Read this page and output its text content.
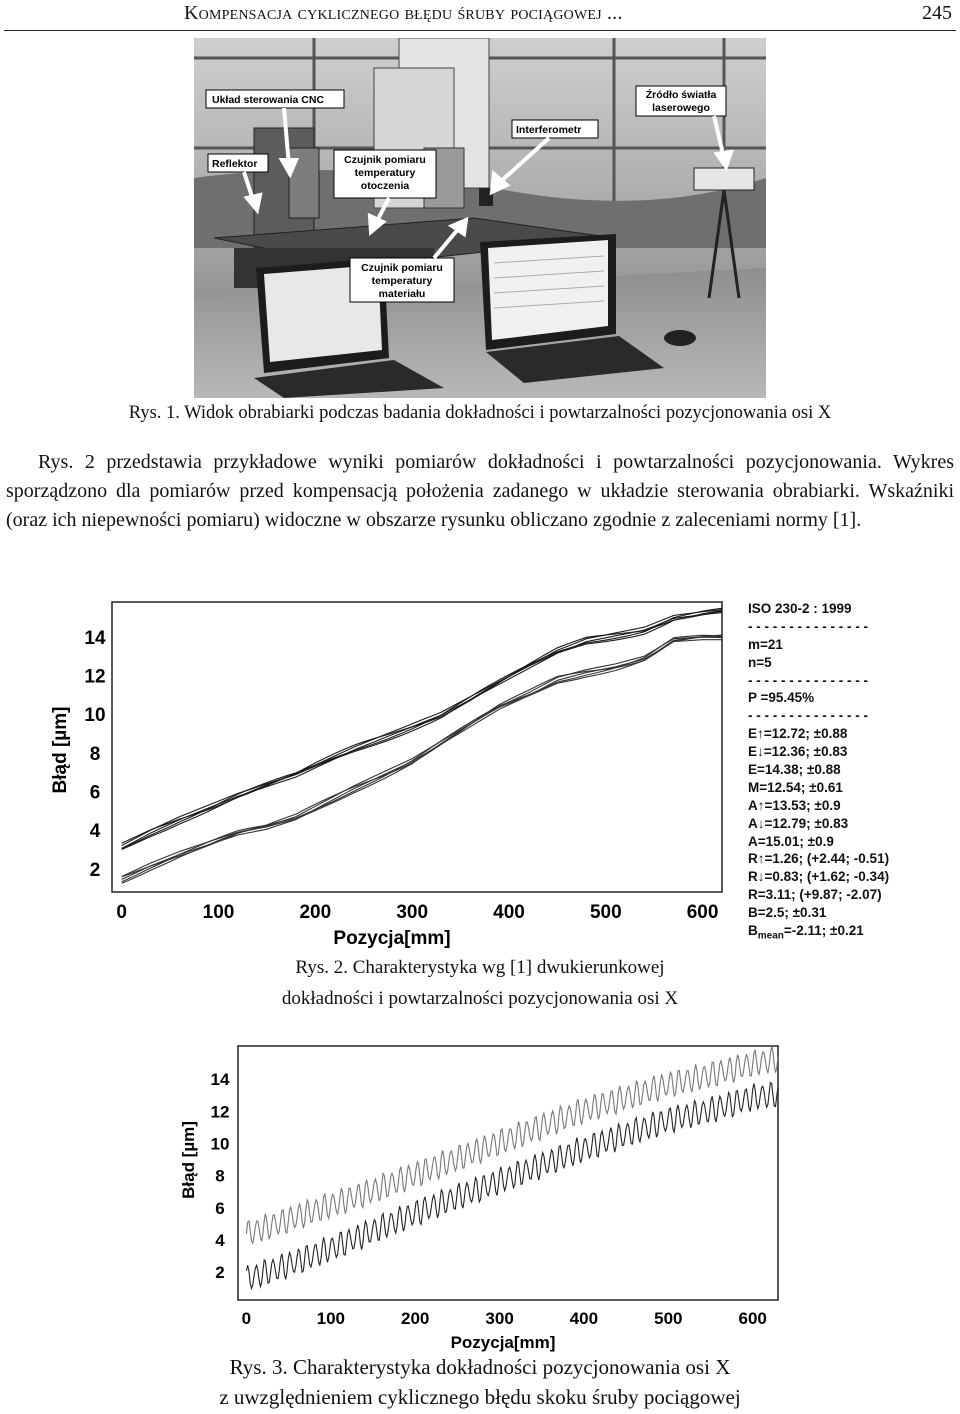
Kompensacja cyklicznego błędu śruby pociągowej ...	245
Układ sterowania CNC
Reflektor	Czujnik pomiaru
temperatury
otoczenia
Interferometr
Źródło światła
laserowego
Czujnik pomiaru
temperatury
materiału
Rys. 1. Widok obrabiarki podczas badania dokładności i powtarzalności pozycjonowania osi X

Rys. 2 przedstawia przykładowe wyniki pomiarów dokładności i powtarzalności pozycjonowania. Wykres sporządzono dla pomiarów przed kompensacją położenia zadanego w układzie sterowania obrabiarki. Wskaźniki (oraz ich niepewności pomiaru) widoczne w obszarze rysunku obliczano zgodnie z zaleceniami normy [1].

0	100	200	300	400	500	600
2
4
6
8
10
12
14
Pozycja[mm]
Błąd [µm]
ISO 230-2 : 1999
- - - - - - - - - - - - - - -
m=21
n=5
- - - - - - - - - - - - - - -
P =95.45%
- - - - - - - - - - - - - - -
E↑=12.72; ±0.88
E↓=12.36; ±0.83
E=14.38; ±0.88
M=12.54; ±0.61
A↑=13.53; ±0.9
A↓=12.79; ±0.83
A=15.01; ±0.9
R↑=1.26; (+2.44; -0.51)
R↓=0.83; (+1.62; -0.34)
R=3.11; (+9.87; -2.07)
B=2.5; ±0.31
$B_{mean}=-2.11$; ±0.21
Rys. 2. Charakterystyka wg [1] dwukierunkowej
dokładności i powtarzalności pozycjonowania osi X
0	100	200	300	400	500	600
2
4
6
8
10
12
14
Pozycja[mm]
Błąd [µm]
Rys. 3. Charakterystyka dokładności pozycjonowania osi X
z uwzględnieniem cyklicznego błędu skoku śruby pociągowej
